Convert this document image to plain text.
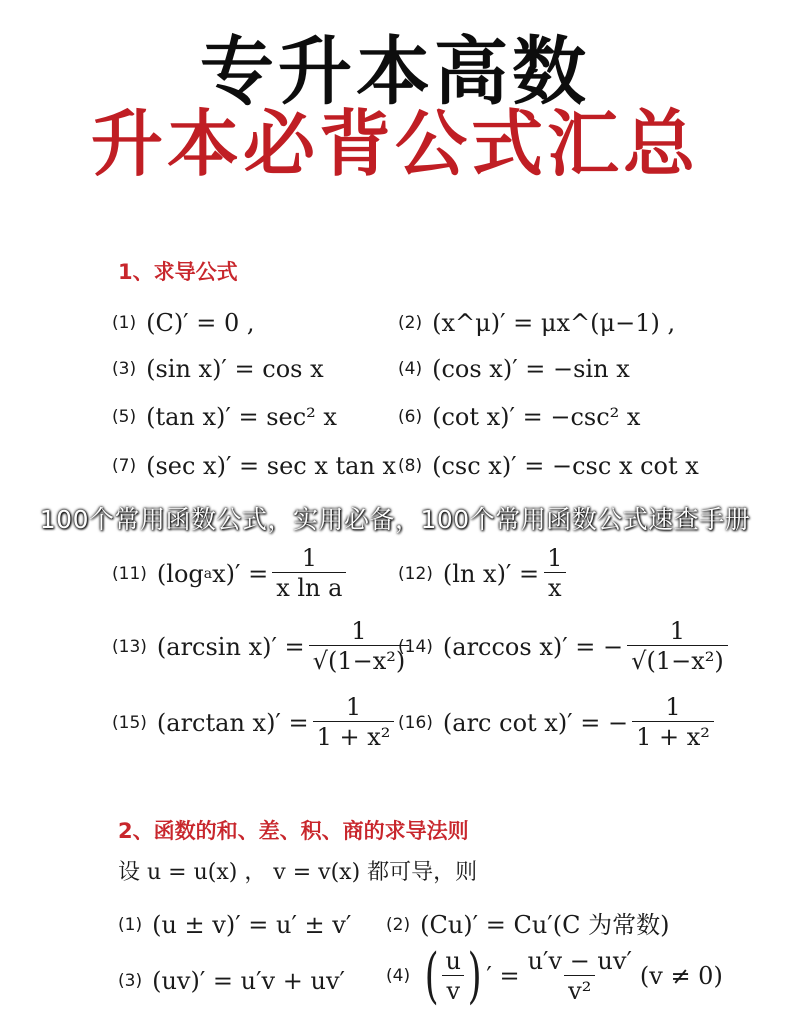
专升本高数
升本必背公式汇总
1、求导公式
(1) (C)′ = 0 ,	(2) (x^μ)′ = μx^(μ−1) ,
(3) (sin x)′ = cos x	(4) (cos x)′ = −sin x
(5) (tan x)′ = sec² x	(6) (cot x)′ = −csc² x
(7) (sec x)′ = sec x tan x (8) (csc x)′ = −csc x cot x
100个常用函数公式，实用必备，100个常用函数公式速查手册
(11) (log a $x)' = \frac{1}{\text{x ln a}}$	(12) (ln $x)' = \frac{1}{x}$
(13) (arcsin $x)' = \frac{1}{\text{√(1−x²)}}$
(14) (arccos x)′ = − $\frac{1}{\text{√(1−x²)}}$
(15) (arctan $x)' = \frac{1}{\text{1 + x²}} (16)$ (arc cot x)′ = − $\frac{1}{\text{1 + x²}}$
2、函数的和、差、积、商的求导法则
设 u = u(x) ， v = v(x) 都可导，则
(1) (u ± v)′ = u′ ± v′ (2) (Cu)′ = Cu′(C 为常数)
(3) (uv)′ = u′v + uv′ (4) ( $\frac{u}{v}$ ) ′ = $\frac{u'v - uv'}{\text{v²}} (v \ne 0)$
